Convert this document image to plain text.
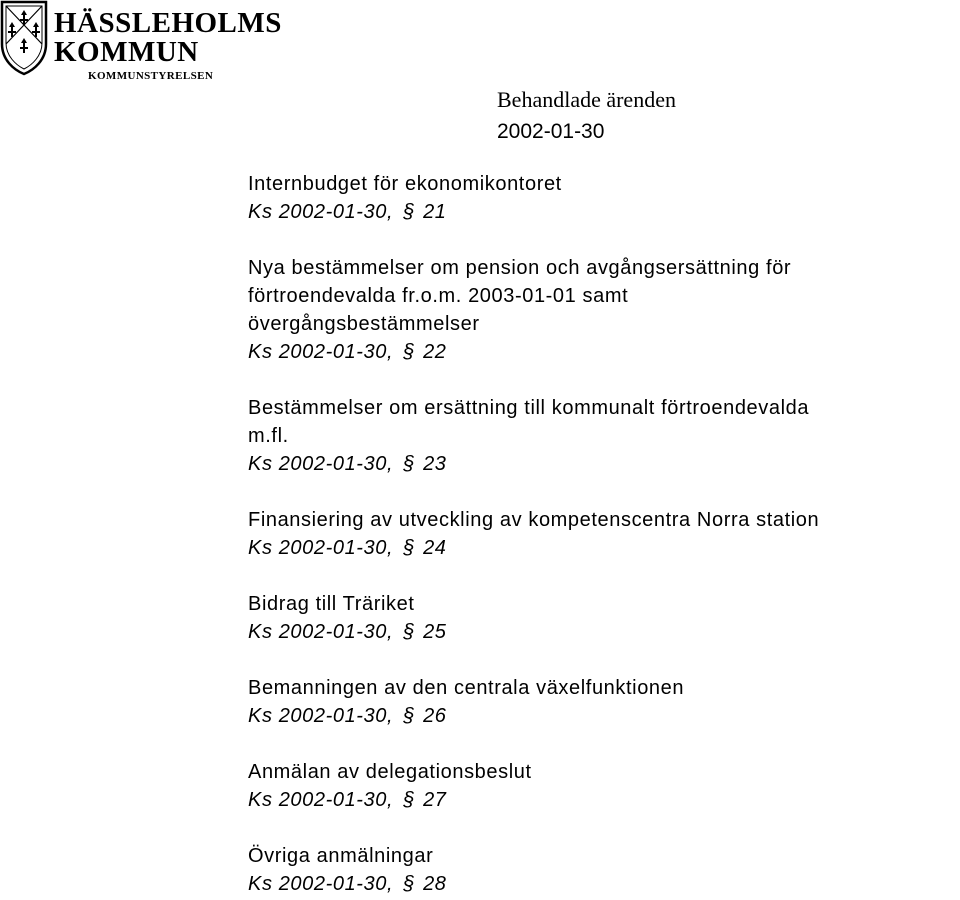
HÄSSLEHOLMS
KOMMUN
KOMMUNSTYRELSEN
Behandlade ärenden
2002-01-30
Internbudget för ekonomikontoret
Ks 2002-01-30, § 21
Nya bestämmelser om pension och avgångsersättning för
förtroendevalda fr.o.m. 2003-01-01 samt
övergångsbestämmelser
Ks 2002-01-30, § 22
Bestämmelser om ersättning till kommunalt förtroendevalda
m.fl.
Ks 2002-01-30, § 23
Finansiering av utveckling av kompetenscentra Norra station
Ks 2002-01-30, § 24
Bidrag till Träriket
Ks 2002-01-30, § 25
Bemanningen av den centrala växelfunktionen
Ks 2002-01-30, § 26
Anmälan av delegationsbeslut
Ks 2002-01-30, § 27
Övriga anmälningar
Ks 2002-01-30, § 28
